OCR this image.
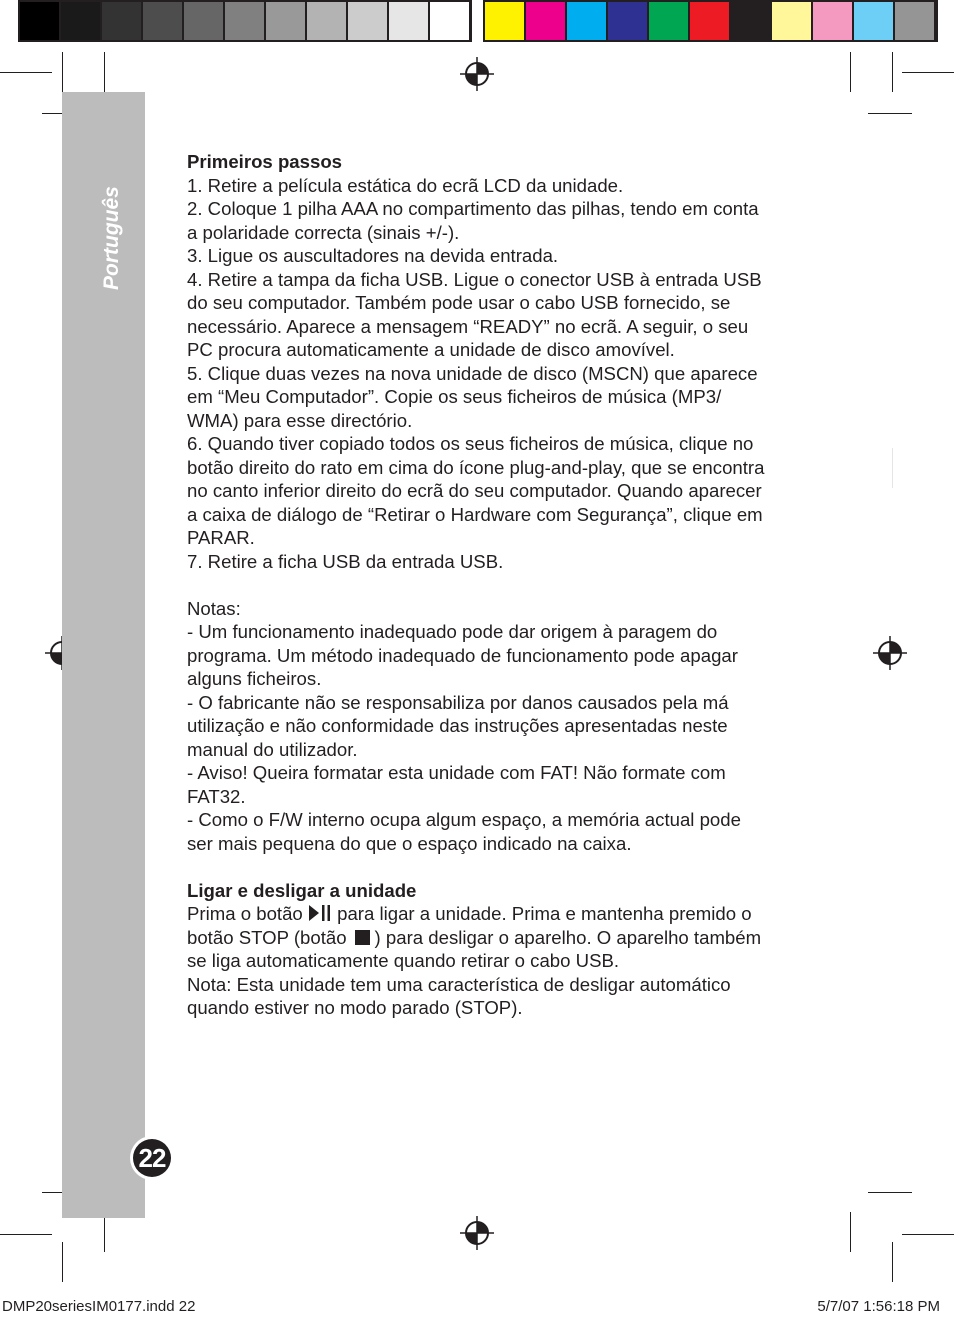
Português
22

Primeiros passos

1. Retire a película estática do ecrã LCD da unidade.

2. Coloque 1 pilha AAA no compartimento das pilhas, tendo em conta

a polaridade correcta (sinais +/-).

3. Ligue os auscultadores na devida entrada.

4. Retire a tampa da ficha USB. Ligue o conector USB à entrada USB

do seu computador. Também pode usar o cabo USB fornecido, se

necessário. Aparece a mensagem “READY” no ecrã. A seguir, o seu

PC procura automaticamente a unidade de disco amovível.

5. Clique duas vezes na nova unidade de disco (MSCN) que aparece

em “Meu Computador”. Copie os seus ficheiros de música (MP3/

WMA) para esse directório.

6. Quando tiver copiado todos os seus ficheiros de música, clique no

botão direito do rato em cima do ícone plug-and-play, que se encontra

no canto inferior direito do ecrã do seu computador. Quando aparecer

a caixa de diálogo de “Retirar o Hardware com Segurança”, clique em

PARAR.

7. Retire a ficha USB da entrada USB.

Notas:

- Um funcionamento inadequado pode dar origem à paragem do

programa. Um método inadequado de funcionamento pode apagar

alguns ficheiros.

- O fabricante não se responsabiliza por danos causados pela má

utilização e não conformidade das instruções apresentadas neste

manual do utilizador.

- Aviso! Queira formatar esta unidade com FAT! Não formate com

FAT32.

- Como o F/W interno ocupa algum espaço, a memória actual pode

ser mais pequena do que o espaço indicado na caixa.

Ligar e desligar a unidade

Prima o botão para ligar a unidade. Prima e mantenha premido o

botão STOP (botão ) para desligar o aparelho. O aparelho também

se liga automaticamente quando retirar o cabo USB.

Nota: Esta unidade tem uma característica de desligar automático

quando estiver no modo parado (STOP).

DMP20seriesIM0177.indd 22	5/7/07 1:56:18 PM
